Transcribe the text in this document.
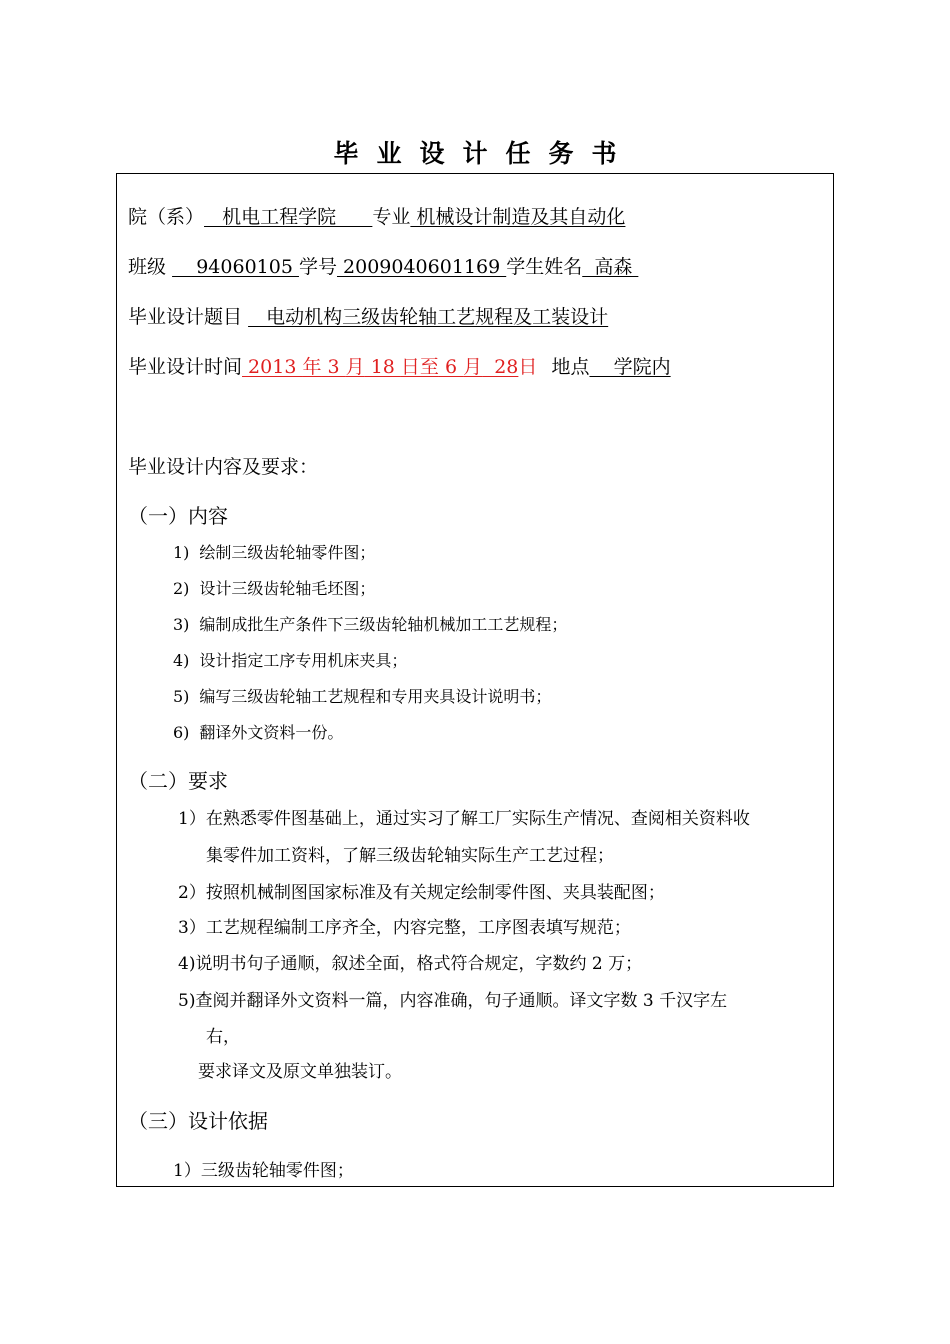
毕业设计任务书
院（系）   机电工程学院      专业 机械设计制造及其自动化
班级     94060105 学号 2009040601169 学生姓名  高森
毕业设计题目    电动机构三级齿轮轴工艺规程及工装设计
毕业设计时间 2013 年 3 月 18 日至 6 月  28日 地点    学院内
毕业设计内容及要求：
（一）内容
1) 绘制三级齿轮轴零件图；
2) 设计三级齿轮轴毛坯图；
3) 编制成批生产条件下三级齿轮轴机械加工工艺规程；
4) 设计指定工序专用机床夹具；
5) 编写三级齿轮轴工艺规程和专用夹具设计说明书；
6) 翻译外文资料一份。
（二）要求
1）在熟悉零件图基础上，通过实习了解工厂实际生产情况、查阅相关资料收
集零件加工资料，了解三级齿轮轴实际生产工艺过程；
2）按照机械制图国家标准及有关规定绘制零件图、夹具装配图；
3）工艺规程编制工序齐全，内容完整，工序图表填写规范；
4)说明书句子通顺，叙述全面，格式符合规定，字数约 2 万；
5)查阅并翻译外文资料一篇，内容准确，句子通顺。译文字数 3 千汉字左
右，
要求译文及原文单独装订。
（三）设计依据
1）三级齿轮轴零件图；
